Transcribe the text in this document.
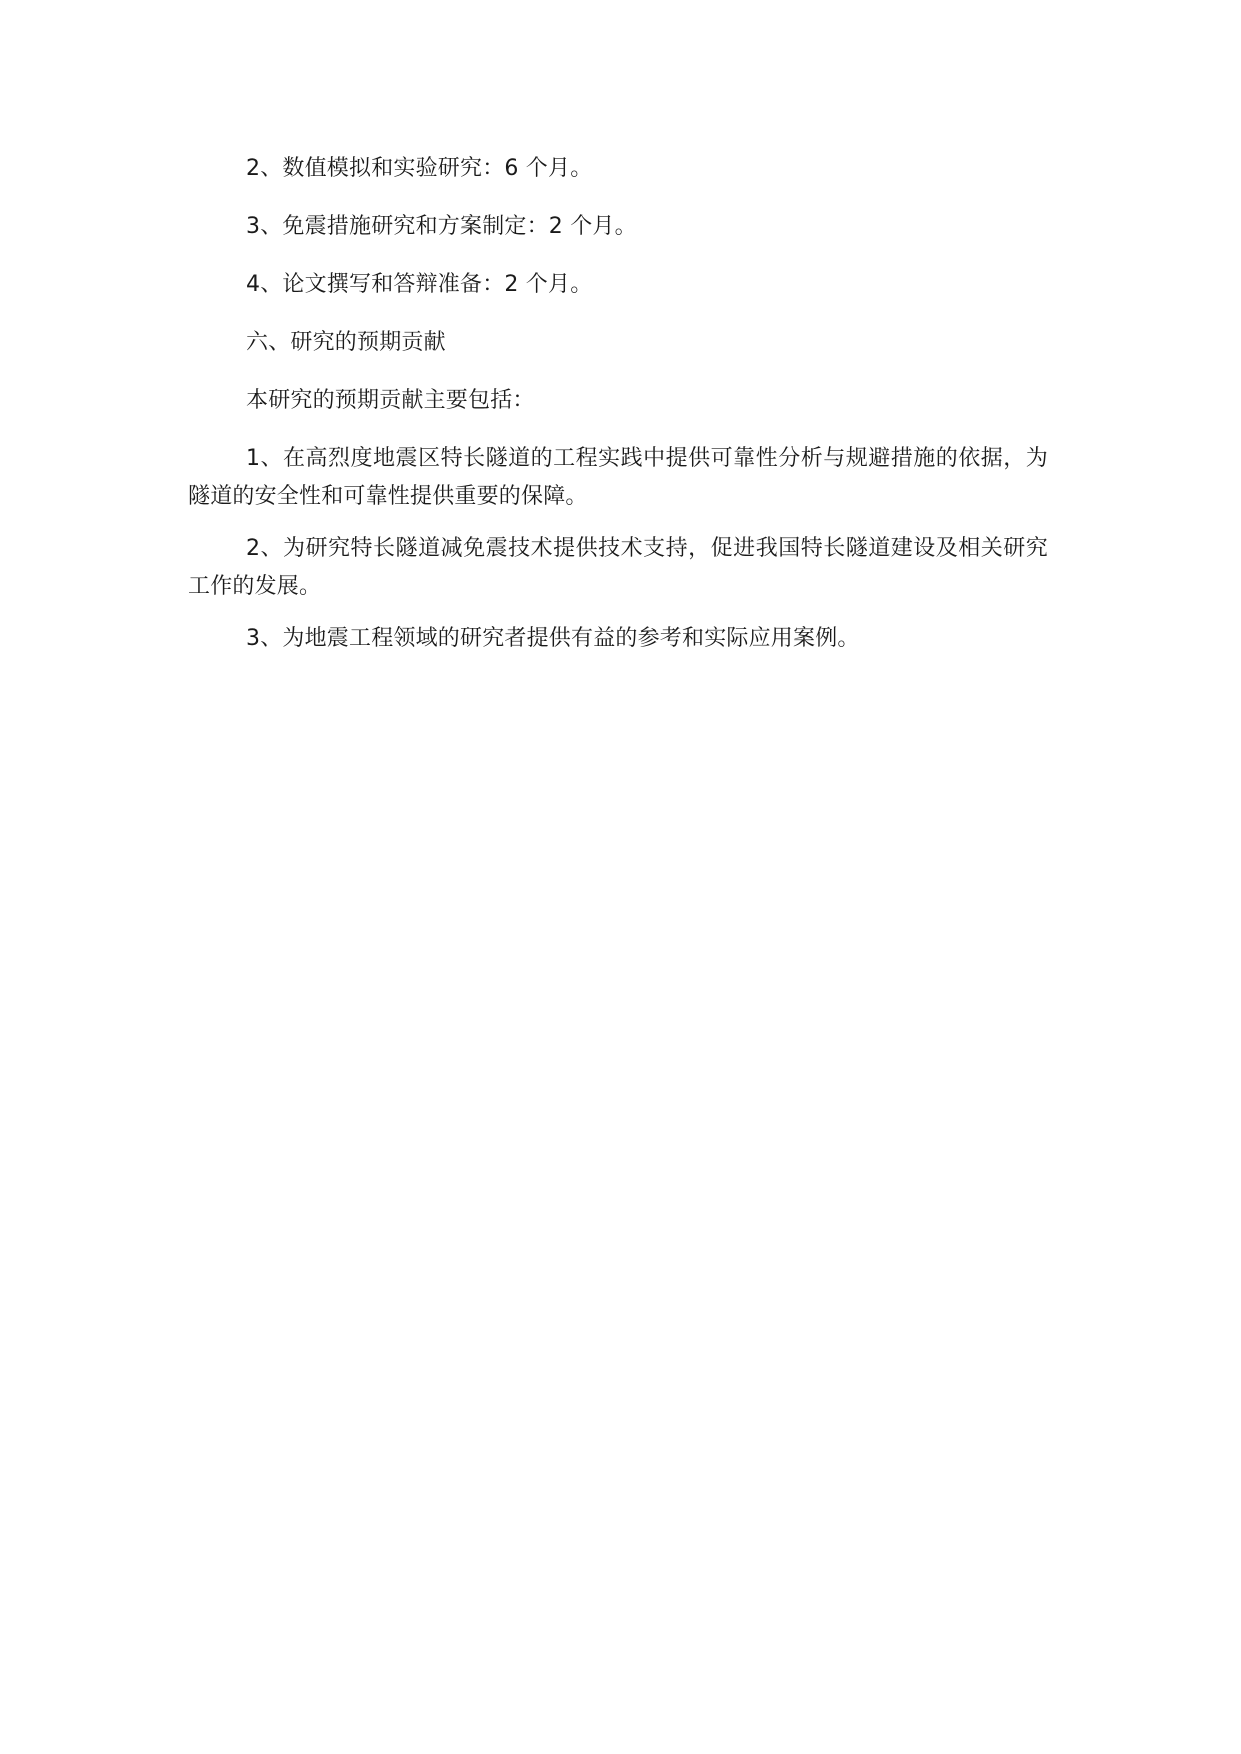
2、数值模拟和实验研究：6 个月。

3、免震措施研究和方案制定：2 个月。

4、论文撰写和答辩准备：2 个月。

六、研究的预期贡献

本研究的预期贡献主要包括：

1、在高烈度地震区特长隧道的工程实践中提供可靠性分析与规避措施的依据，为隧道的安全性和可靠性提供重要的保障。

2、为研究特长隧道减免震技术提供技术支持，促进我国特长隧道建设及相关研究工作的发展。

3、为地震工程领域的研究者提供有益的参考和实际应用案例。
